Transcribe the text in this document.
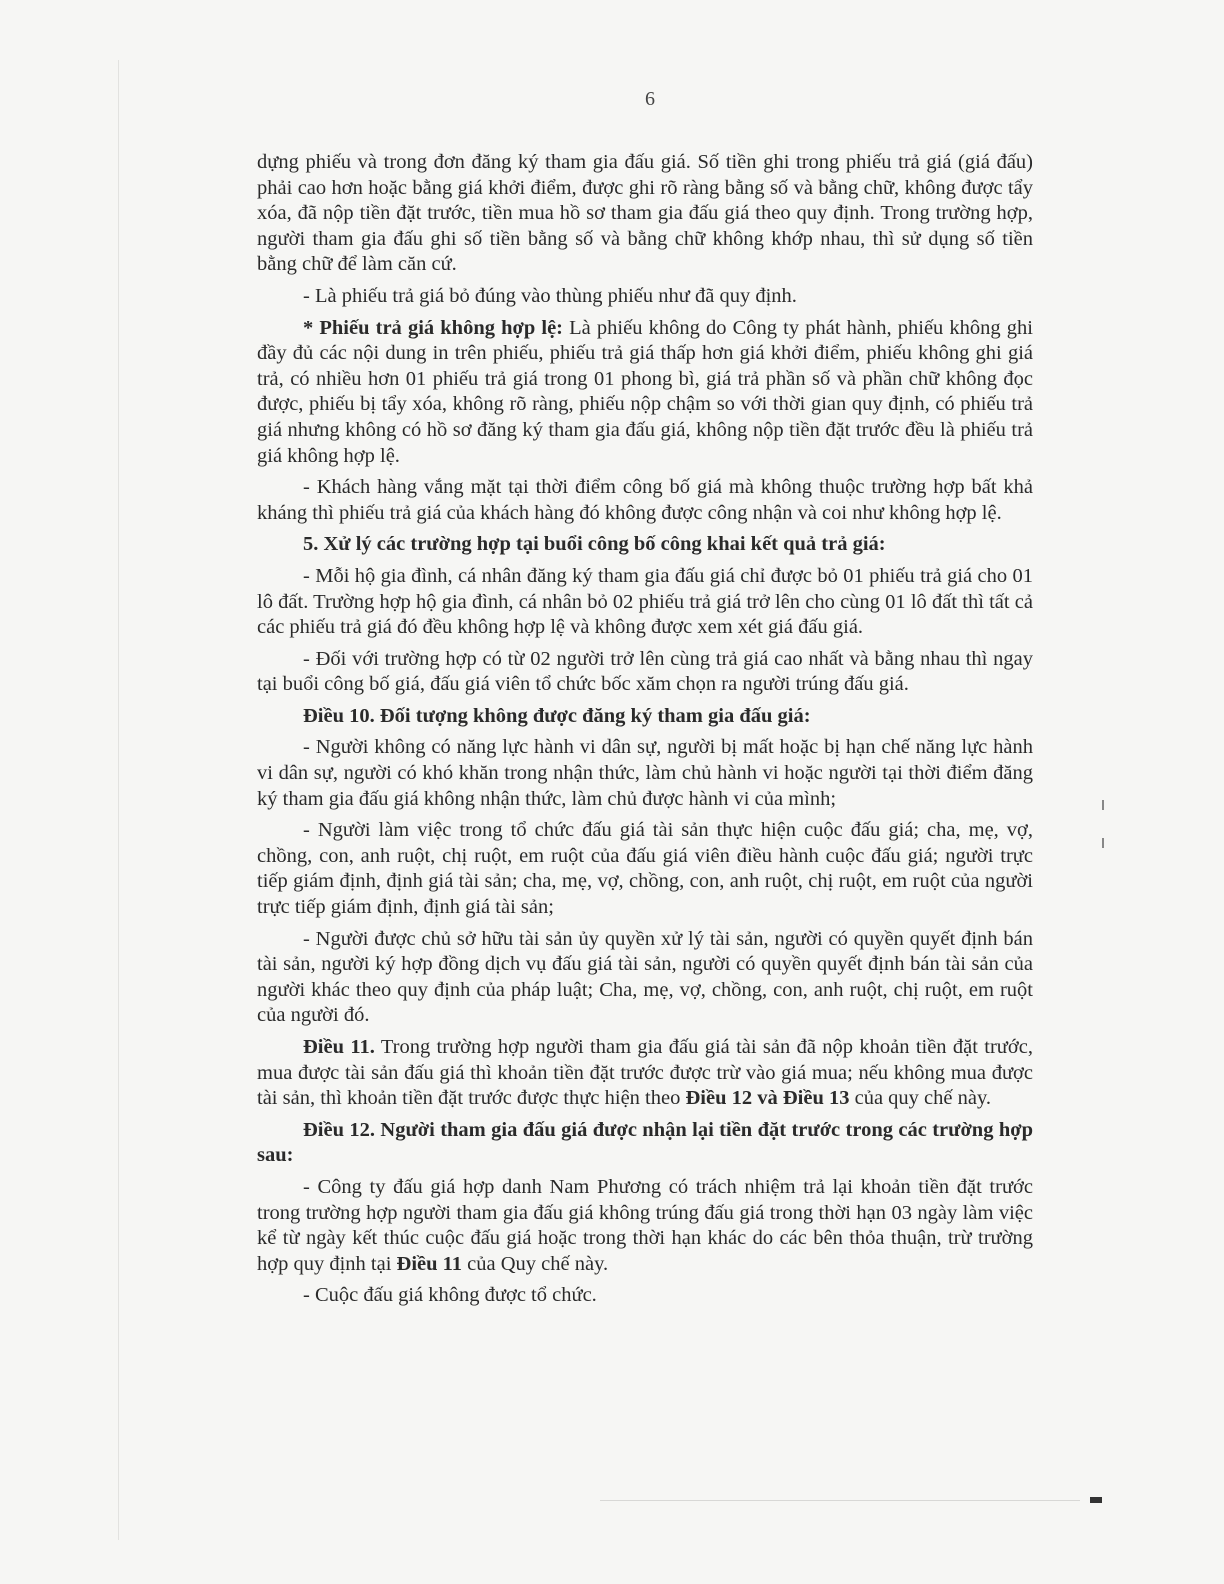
6

dựng phiếu và trong đơn đăng ký tham gia đấu giá. Số tiền ghi trong phiếu trả giá (giá đấu) phải cao hơn hoặc bằng giá khởi điểm, được ghi rõ ràng bằng số và bằng chữ, không được tẩy xóa, đã nộp tiền đặt trước, tiền mua hồ sơ tham gia đấu giá theo quy định. Trong trường hợp, người tham gia đấu ghi số tiền bằng số và bằng chữ không khớp nhau, thì sử dụng số tiền bằng chữ để làm căn cứ.

- Là phiếu trả giá bỏ đúng vào thùng phiếu như đã quy định.

* Phiếu trả giá không hợp lệ: Là phiếu không do Công ty phát hành, phiếu không ghi đầy đủ các nội dung in trên phiếu, phiếu trả giá thấp hơn giá khởi điểm, phiếu không ghi giá trả, có nhiều hơn 01 phiếu trả giá trong 01 phong bì, giá trả phần số và phần chữ không đọc được, phiếu bị tẩy xóa, không rõ ràng, phiếu nộp chậm so với thời gian quy định, có phiếu trả giá nhưng không có hồ sơ đăng ký tham gia đấu giá, không nộp tiền đặt trước đều là phiếu trả giá không hợp lệ.

- Khách hàng vắng mặt tại thời điểm công bố giá mà không thuộc trường hợp bất khả kháng thì phiếu trả giá của khách hàng đó không được công nhận và coi như không hợp lệ.

5. Xử lý các trường hợp tại buổi công bố công khai kết quả trả giá:

- Mỗi hộ gia đình, cá nhân đăng ký tham gia đấu giá chỉ được bỏ 01 phiếu trả giá cho 01 lô đất. Trường hợp hộ gia đình, cá nhân bỏ 02 phiếu trả giá trở lên cho cùng 01 lô đất thì tất cả các phiếu trả giá đó đều không hợp lệ và không được xem xét giá đấu giá.

- Đối với trường hợp có từ 02 người trở lên cùng trả giá cao nhất và bằng nhau thì ngay tại buổi công bố giá, đấu giá viên tổ chức bốc xăm chọn ra người trúng đấu giá.

Điều 10. Đối tượng không được đăng ký tham gia đấu giá:

- Người không có năng lực hành vi dân sự, người bị mất hoặc bị hạn chế năng lực hành vi dân sự, người có khó khăn trong nhận thức, làm chủ hành vi hoặc người tại thời điểm đăng ký tham gia đấu giá không nhận thức, làm chủ được hành vi của mình;

- Người làm việc trong tổ chức đấu giá tài sản thực hiện cuộc đấu giá; cha, mẹ, vợ, chồng, con, anh ruột, chị ruột, em ruột của đấu giá viên điều hành cuộc đấu giá; người trực tiếp giám định, định giá tài sản; cha, mẹ, vợ, chồng, con, anh ruột, chị ruột, em ruột của người trực tiếp giám định, định giá tài sản;

- Người được chủ sở hữu tài sản ủy quyền xử lý tài sản, người có quyền quyết định bán tài sản, người ký hợp đồng dịch vụ đấu giá tài sản, người có quyền quyết định bán tài sản của người khác theo quy định của pháp luật; Cha, mẹ, vợ, chồng, con, anh ruột, chị ruột, em ruột của người đó.

Điều 11. Trong trường hợp người tham gia đấu giá tài sản đã nộp khoản tiền đặt trước, mua được tài sản đấu giá thì khoản tiền đặt trước được trừ vào giá mua; nếu không mua được tài sản, thì khoản tiền đặt trước được thực hiện theo Điều 12 và Điều 13 của quy chế này.

Điều 12. Người tham gia đấu giá được nhận lại tiền đặt trước trong các trường hợp sau:

- Công ty đấu giá hợp danh Nam Phương có trách nhiệm trả lại khoản tiền đặt trước trong trường hợp người tham gia đấu giá không trúng đấu giá trong thời hạn 03 ngày làm việc kể từ ngày kết thúc cuộc đấu giá hoặc trong thời hạn khác do các bên thỏa thuận, trừ trường hợp quy định tại Điều 11 của Quy chế này.

- Cuộc đấu giá không được tổ chức.
